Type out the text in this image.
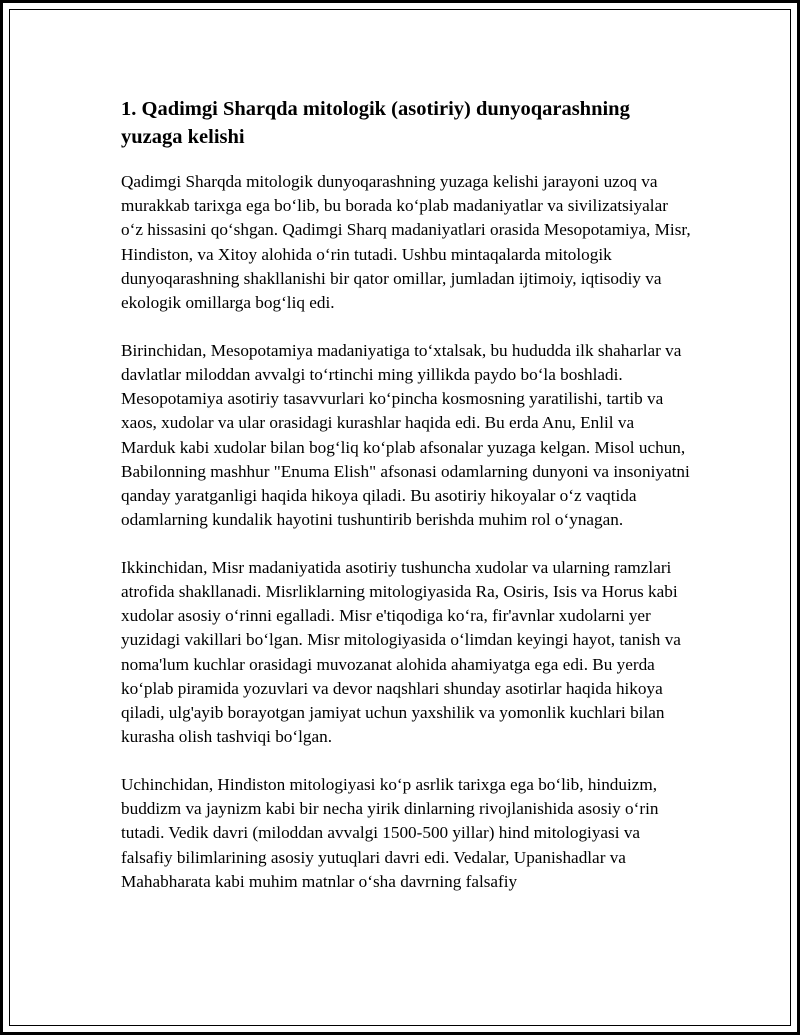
1. Qadimgi Sharqda mitologik (asotiriy) dunyoqarashning yuzaga kelishi

Qadimgi Sharqda mitologik dunyoqarashning yuzaga kelishi jarayoni uzoq va murakkab tarixga ega bo‘lib, bu borada ko‘plab madaniyatlar va sivilizatsiyalar o‘z hissasini qo‘shgan. Qadimgi Sharq madaniyatlari orasida Mesopotamiya, Misr, Hindiston, va Xitoy alohida o‘rin tutadi. Ushbu mintaqalarda mitologik dunyoqarashning shakllanishi bir qator omillar, jumladan ijtimoiy, iqtisodiy va ekologik omillarga bog‘liq edi.

Birinchidan, Mesopotamiya madaniyatiga to‘xtalsak, bu hududda ilk shaharlar va davlatlar miloddan avvalgi to‘rtinchi ming yillikda paydo bo‘la boshladi. Mesopotamiya asotiriy tasavvurlari ko‘pincha kosmosning yaratilishi, tartib va xaos, xudolar va ular orasidagi kurashlar haqida edi. Bu erda Anu, Enlil va Marduk kabi xudolar bilan bog‘liq ko‘plab afsonalar yuzaga kelgan. Misol uchun, Babilonning mashhur "Enuma Elish" afsonasi odamlarning dunyoni va insoniyatni qanday yaratganligi haqida hikoya qiladi. Bu asotiriy hikoyalar o‘z vaqtida odamlarning kundalik hayotini tushuntirib berishda muhim rol o‘ynagan.

Ikkinchidan, Misr madaniyatida asotiriy tushuncha xudolar va ularning ramzlari atrofida shakllanadi. Misrliklarning mitologiyasida Ra, Osiris, Isis va Horus kabi xudolar asosiy o‘rinni egalladi. Misr e'tiqodiga ko‘ra, fir'avnlar xudolarni yer yuzidagi vakillari bo‘lgan. Misr mitologiyasida o‘limdan keyingi hayot, tanish va noma'lum kuchlar orasidagi muvozanat alohida ahamiyatga ega edi. Bu yerda ko‘plab piramida yozuvlari va devor naqshlari shunday asotirlar haqida hikoya qiladi, ulg'ayib borayotgan jamiyat uchun yaxshilik va yomonlik kuchlari bilan kurasha olish tashviqi bo‘lgan.

Uchinchidan, Hindiston mitologiyasi ko‘p asrlik tarixga ega bo‘lib, hinduizm, buddizm va jaynizm kabi bir necha yirik dinlarning rivojlanishida asosiy o‘rin tutadi. Vedik davri (miloddan avvalgi 1500-500 yillar) hind mitologiyasi va falsafiy bilimlarining asosiy yutuqlari davri edi. Vedalar, Upanishadlar va Mahabharata kabi muhim matnlar o‘sha davrning falsafiy
